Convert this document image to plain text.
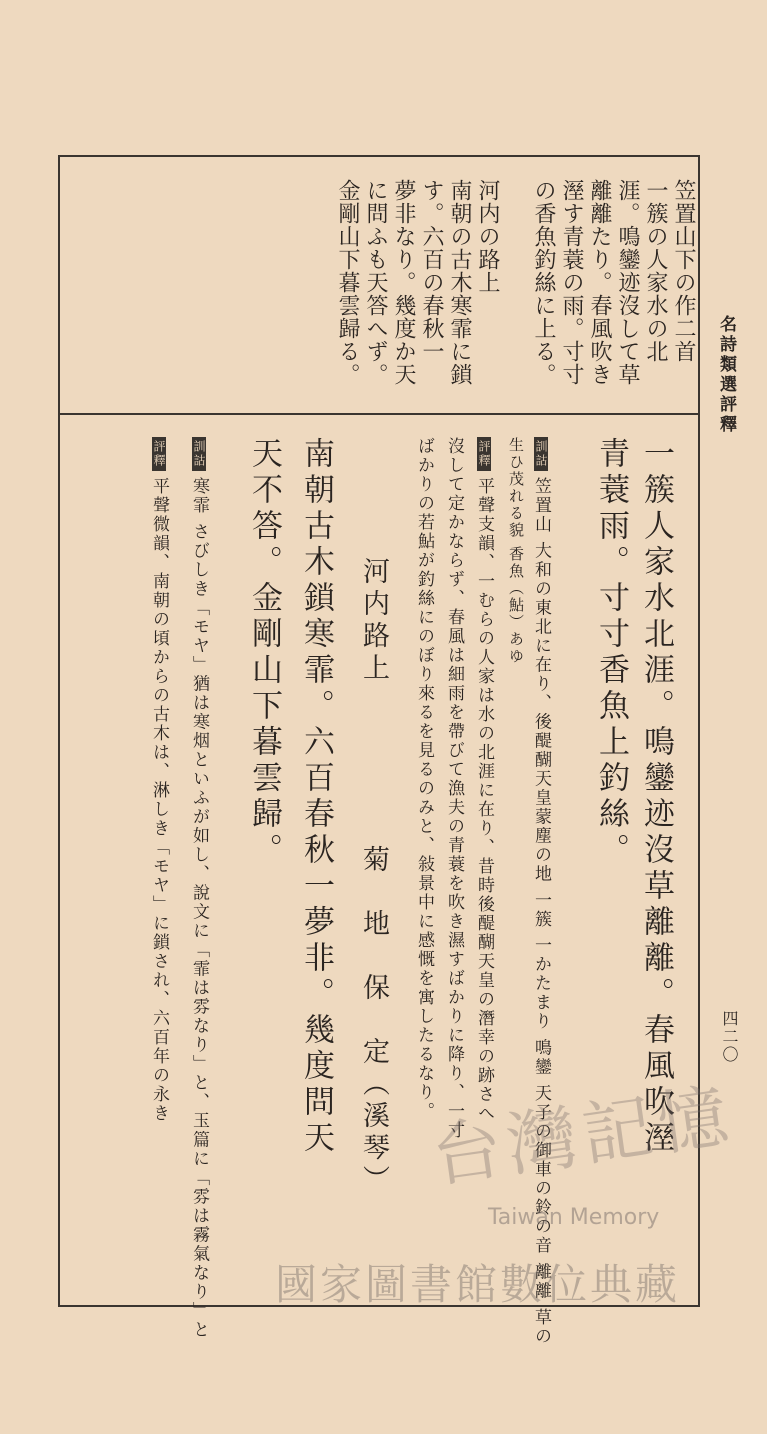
名詩類選評釋
四二〇
笠置山下の作二首
一簇の人家水の北
涯。鳴鑾迹沒して草
離離たり。春風吹き
溼す青蓑の雨。寸寸
の香魚釣絲に上る。
河内の路上
南朝の古木寒霏に鎖
す。六百の春秋一
夢非なり。幾度か天
に問ふも天答へず。
金剛山下暮雲歸る。
一簇人家水北涯。鳴鑾迹沒草離離。春風吹溼
青蓑雨。寸寸香魚上釣絲。
訓詁笠置山 大和の東北に在り、後醍醐天皇蒙塵の地 一簇 一かたまり 鳴鑾 天子の御車の鈴の音 離離 草の
生ひ茂れる貌 香魚（鮎）あゆ
評釋平聲支韻、一むらの人家は水の北涯に在り、昔時後醍醐天皇の潛幸の跡さへ
沒して定かならず、春風は細雨を帶びて漁夫の青蓑を吹き濕すばかりに降り、一寸
ばかりの若鮎が釣絲にのぼり來るを見るのみと、敍景中に感慨を寓したるなり。
河内路上　　　　　菊　地　保　定（溪琴）
南朝古木鎖寒霏。六百春秋一夢非。幾度問天
天不答。金剛山下暮雲歸。
訓詁寒霏 さびしき「モヤ」猶は寒烟といふが如し、說文に「霏は雰なり」と、玉篇に「雰は霧氣なり」と
評釋平聲微韻、南朝の頃からの古木は、淋しき「モヤ」に鎖され、六百年の永き
台灣記憶
Taiwan Memory
國家圖書館數位典藏
